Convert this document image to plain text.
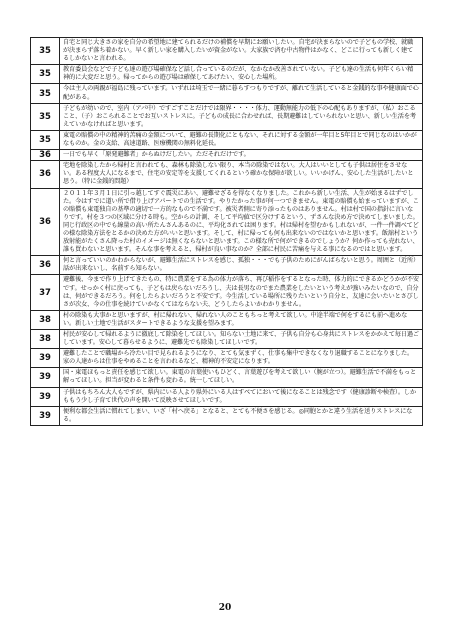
35	自宅と同じ大きさの家を自分の希望地に建てられるだけの補償を早期にお願いしたい。自宅が決まらないので子どもの学校、就職が決まらず落ち着かない。早く新しい家を購入したいが資金がない。大家族で済む中古物件はかなく、どこに行っても新しく建てるしかないと言われる。
35	教育委員会などで子ども達の遊び場確保など話し合っているのだが、なかなか改善されていない。子ども達の生活も何年くらい精神的に大変だと思う。帰ってからの遊び場は確保してあげたい、安心した場所。
35	今は主人の両親が福島に残っています。いずれは埼玉で一緒に暮らすつもりですが、離れて生活していると金銭的な事や健康面で心配がある。
35	子どもが幼いので、室内（アパ中）ですごすことだけでは限界・・・・体力、運動無能力の低下の心配もありますが、（私）おこること、（子）おこられることでお互いストレスに。子どもの成長に合わせれば、長期避難はしていられないと思い、新しい生活を考えていかなければと思います。
35	東電の賠償の中の精神的苦痛の金額について、避難の長期化にともない、それに対する金額が一年目と5年目とで同じなのはいかがなものか。金の支給、高速道路、医療機関の無料化延長。
36	一日でも早く「原発避難者」からぬけだしたい。ただそれだけです。
36	宅地を除染したから帰村と言われても、森林も除染しない限り、本当の除染ではない。大人はいいとしても子供は居住をさせない。ある程度大人になるまで、住宅の安定等を支援してくれるという確かな保障が欲しい。いいかげん、安心した生活がしたいと思う。（特に金銭的問題）
36	２０１１年３月１日に引っ越してすぐ震災にあい、避難せざるを得なくなりました。これから新しい生活、人生が始まるはずでした。今はすでに道い所で借り上げアパートでの生活です。やりたかった事が何一つできません。東電の賠償も始まっていますが、この賠償も東電独自の基準の適切で一方的なもので不満です。被災者側に寄り添ったものはありません。村は村で国の指針に言いなりです。村を３つの区域に分ける時も。空からの計測、そして平均値で区分けするという、ずさんな決め方で決めてしまいました。同じ行政区の中でも線量の高い所たんさんあるのに、平均化されては困ります。村は帰村を望むかもしれないが、一件一件調べてどの様な除染方法をとるかの決めた方がいいと思います。そして、村に帰っても何も出来ないのではないかと思います。飯舘村という放射能がたくさん降った村のイメージは無くならないと思います。この様な所で何ができるのでしょうか？何か作っても売れない、誰も買わないと思います。そんな事を考えると、帰村が良い事なのか？全部に村民に苦痛を与える事になるのではと思います。
36	何と言っていいのかわからないが、避難生活にストレスを感じ、孤独・・・でも子供のためにがんばらないと思う。周囲と（近所）話が出来ないし、名前すら知らない。
37	避難後、今まで作り上げてきたもの、特に農業をする為の体力が落ち、再び稲作をするとなった時、体力的にできるかどうかが不安です。せっかく村に戻っても、子どもは戻らないだろうし、夫は長男なのでまた農業をしたいという考えが強いみたいなので、自分は、何ができるだろう。何をしたらよいだろうと不安です。今生活している場所に残りたいという自分と、友達に会いたいとさびしさが次女、今の仕事を続けていかなくてはならない夫、どうしたらよいかわかりません。
38	村の除染も大事かと思いますが、村に帰れない、帰れない人のこともちっと考えて欲しい。中途半端で何をするにも前へ進めない。新しい土地で生活がスタートできるような支援を望みます。
38	村民が安心して帰れるように徹底して除染をしてほしい。知らない土地に来て、子供も自分も心身共にストレスをかかえて毎日過ごしています。安心して暮らせるように、避難先でも除染してほしいです。
39	避難したことで職場から冷たい目で見られるようになり、とても気まずく、仕事も集中できなくなり退職することになりました。家の人達からは仕事をやめることを言われるなど、精神的不安定になります。
39	国・東電ほもっと責任を感じて欲しい。東電の言葉使いもひどく、言葉遊びを考えて欲しい（腕が立つ）。避難生活で不満をもっと解ってほしい。担当が変わると条件も変わる。統一してほしい。
39	子供はもちろん大人もですが、県内にいる人より県外にいる人はすべてにおいて後になることは残念です（健康診断や検査）。しかももう少し子育て世代の声を開いて反映させてほしいです。
39	便利な都会生活に慣れてしまい、いざ「村へ戻る」となると、とても不便さを感じる。◎同胞とかと違う生活を送りストレスになる。
20
